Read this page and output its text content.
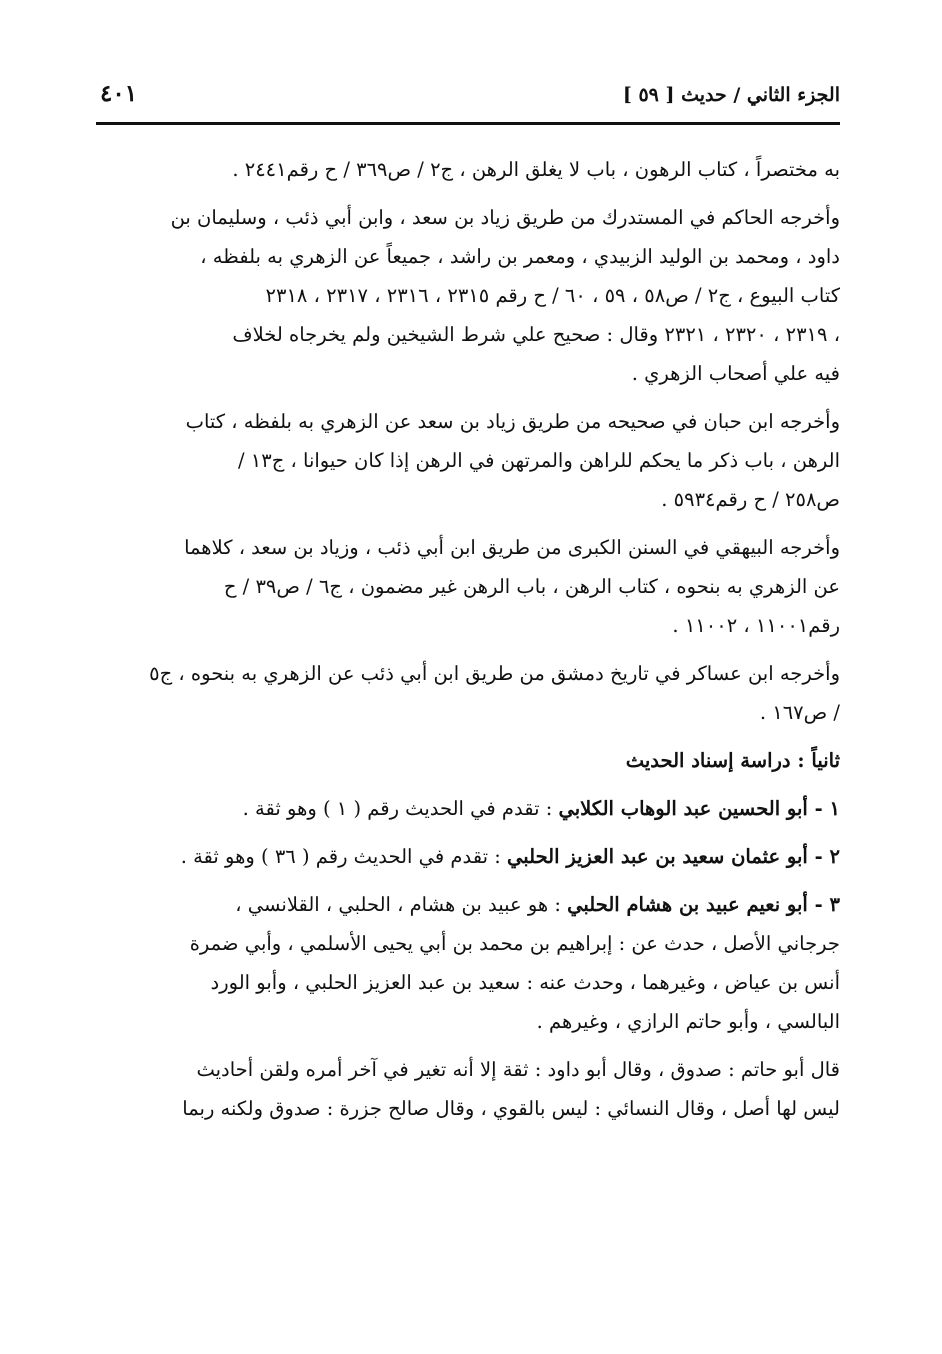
الجزء الثاني / حديث [ ٥٩ ]
٤٠١

به مختصراً ، كتاب الرهون ، باب لا يغلق الرهن ، ج٢ / ص٣٦٩ / ح رقم٢٤٤١ .

وأخرجه الحاكم في المستدرك من طريق زياد بن سعد ، وابن أبي ذئب ، وسليمان بن
داود ، ومحمد بن الوليد الزبيدي ، ومعمر بن راشد ، جميعاً عن الزهري به بلفظه ،
كتاب البيوع ، ج٢ / ص٥٨ ، ٥٩ ، ٦٠ / ح رقم ٢٣١٥ ، ٢٣١٦ ، ٢٣١٧ ، ٢٣١٨
، ٢٣١٩ ، ٢٣٢٠ ، ٢٣٢١ وقال : صحيح علي شرط الشيخين ولم يخرجاه لخلاف
فيه علي أصحاب الزهري .

وأخرجه ابن حبان في صحيحه من طريق زياد بن سعد عن الزهري به بلفظه ، كتاب
الرهن ، باب ذكر ما يحكم للراهن والمرتهن في الرهن إذا كان حيوانا ، ج١٣ /
ص٢٥٨ / ح رقم٥٩٣٤ .

وأخرجه البيهقي في السنن الكبرى من طريق ابن أبي ذئب ، وزياد بن سعد ، كلاهما
عن الزهري به بنحوه ، كتاب الرهن ، باب الرهن غير مضمون ، ج٦ / ص٣٩ / ح
رقم١١٠٠١ ، ١١٠٠٢ .

وأخرجه ابن عساكر في تاريخ دمشق من طريق ابن أبي ذئب عن الزهري به بنحوه ، ج٥
/ ص١٦٧ .

ثانياً : دراسة إسناد الحديث

١ - أبو الحسين عبد الوهاب الكلابي : تقدم في الحديث رقم ( ١ ) وهو ثقة .

٢ - أبو عثمان سعيد بن عبد العزيز الحلبي : تقدم في الحديث رقم ( ٣٦ ) وهو ثقة .

٣ - أبو نعيم عبيد بن هشام الحلبي : هو عبيد بن هشام ، الحلبي ، القلانسي ،
جرجاني الأصل ، حدث عن : إبراهيم بن محمد بن أبي يحيى الأسلمي ، وأبي ضمرة
أنس بن عياض ، وغيرهما ، وحدث عنه : سعيد بن عبد العزيز الحلبي ، وأبو الورد
البالسي ، وأبو حاتم الرازي ، وغيرهم .

قال أبو حاتم : صدوق ، وقال أبو داود : ثقة إلا أنه تغير في آخر أمره ولقن أحاديث
ليس لها أصل ، وقال النسائي : ليس بالقوي ، وقال صالح جزرة : صدوق ولكنه ربما
